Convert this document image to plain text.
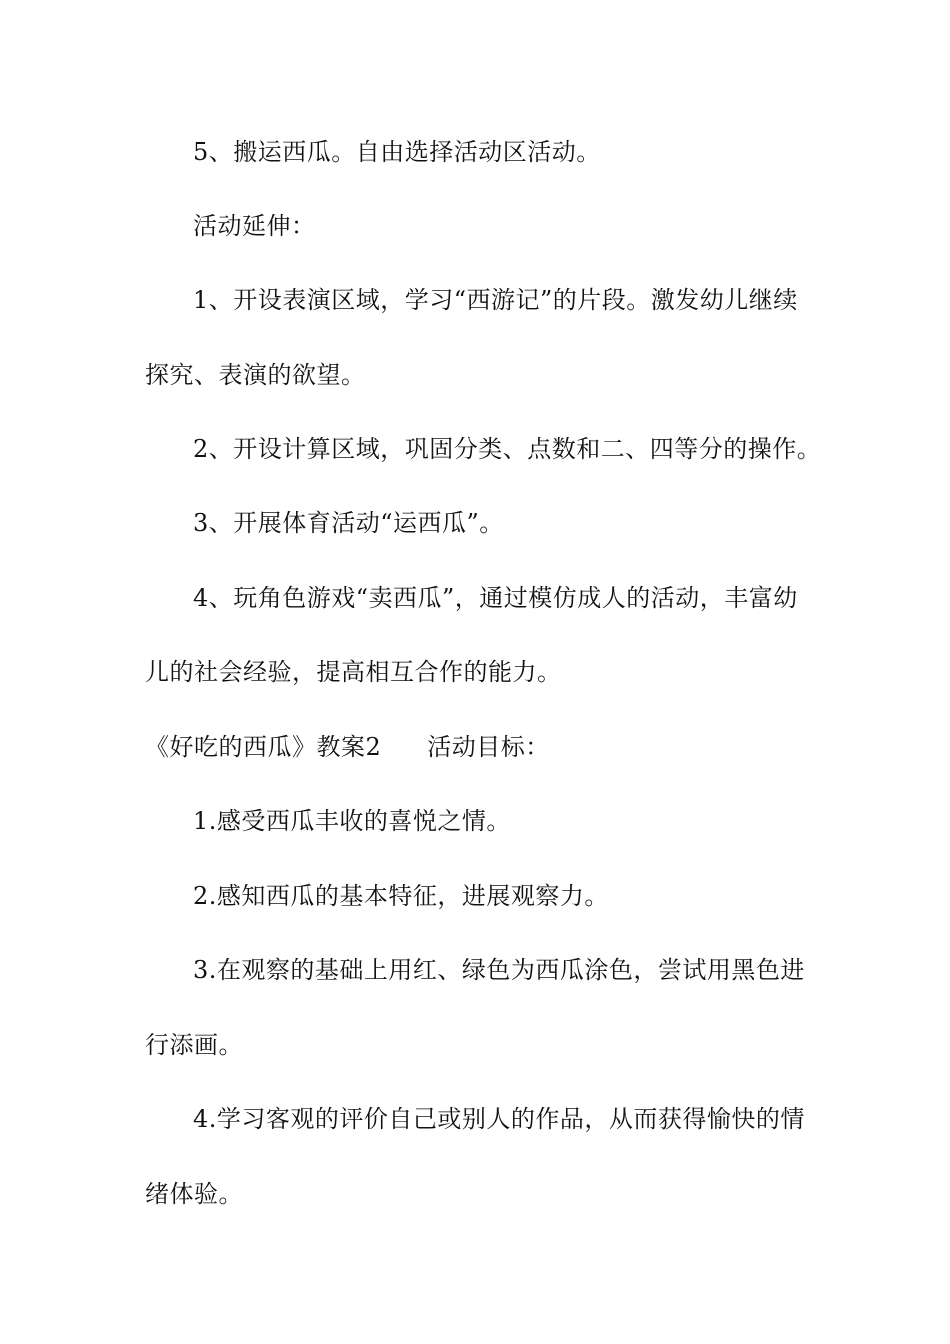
5、搬运西瓜。自由选择活动区活动。
活动延伸：
1、开设表演区域，学习“西游记”的片段。激发幼儿继续
探究、表演的欲望。
2、开设计算区域，巩固分类、点数和二、四等分的操作。
3、开展体育活动“运西瓜”。
4、玩角色游戏“卖西瓜”，通过模仿成人的活动，丰富幼
儿的社会经验，提高相互合作的能力。
《好吃的西瓜》教案2 活动目标：
1.感受西瓜丰收的喜悦之情。
2.感知西瓜的基本特征，进展观察力。
3.在观察的基础上用红、绿色为西瓜涂色，尝试用黑色进
行添画。
4.学习客观的评价自己或别人的作品，从而获得愉快的情
绪体验。
